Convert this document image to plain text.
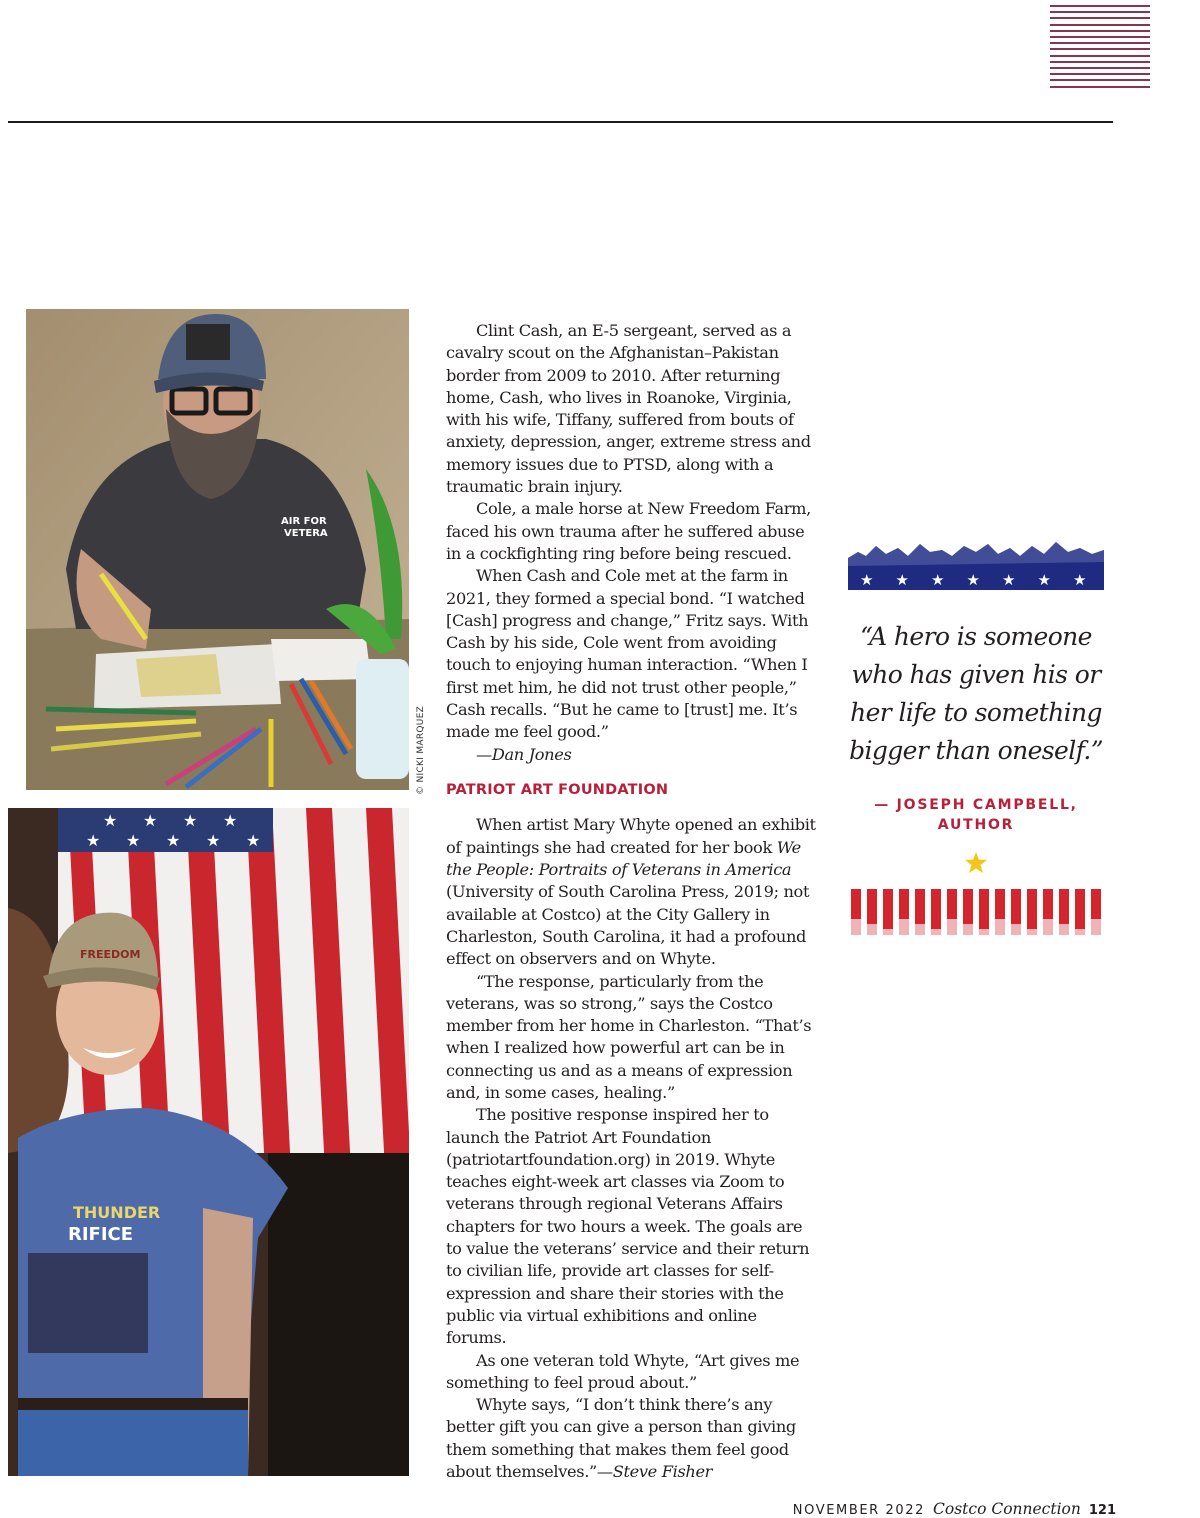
AIR FOR
VETERA
© NICKI MARQUEZ
★ ★ ★ ★
★ ★ ★ ★ ★
FREEDOM
THUNDER
RIFICE

Clint Cash, an E-5 sergeant, served as a cavalry scout on the Afghanistan–Pakistan border from 2009 to 2010. After returning home, Cash, who lives in Roanoke, Virginia, with his wife, Tiffany, suffered from bouts of anxiety, depression, anger, extreme stress and memory issues due to PTSD, along with a traumatic brain injury.

Cole, a male horse at New Freedom Farm, faced his own trauma after he suffered abuse in a cockfighting ring before being rescued.

When Cash and Cole met at the farm in 2021, they formed a special bond. “I watched [Cash] progress and change,” Fritz says. With Cash by his side, Cole went from avoiding touch to enjoying human interaction. “When I first met him, he did not trust other people,” Cash recalls. “But he came to [trust] me. It’s made me feel good.”

—Dan Jones

PATRIOT ART FOUNDATION

When artist Mary Whyte opened an exhibit of paintings she had created for her book We the People: Portraits of Veterans in America (University of South Carolina Press, 2019; not available at Costco) at the City Gallery in Charleston, South Carolina, it had a profound effect on observers and on Whyte.

“The response, particularly from the veterans, was so strong,” says the Costco member from her home in Charleston. “That’s when I realized how powerful art can be in connecting us and as a means of expression and, in some cases, healing.”

The positive response inspired her to launch the Patriot Art Foundation (patriotartfoundation.org) in 2019. Whyte teaches eight-week art classes via Zoom to veterans through regional Veterans Affairs chapters for two hours a week. The goals are to value the veterans’ service and their return to civilian life, provide art classes for self-expression and share their stories with the public via virtual exhibitions and online forums.

As one veteran told Whyte, “Art gives me something to feel proud about.”

Whyte says, “I don’t think there’s any better gift you can give a person than giving them something that makes them feel good about themselves.”—Steve Fisher

★ ★ ★ ★ ★ ★ ★
“A hero is someone who has given his or her life to something bigger than oneself.”
— JOSEPH CAMPBELL, AUTHOR
NOVEMBER 2022 Costco Connection 121
